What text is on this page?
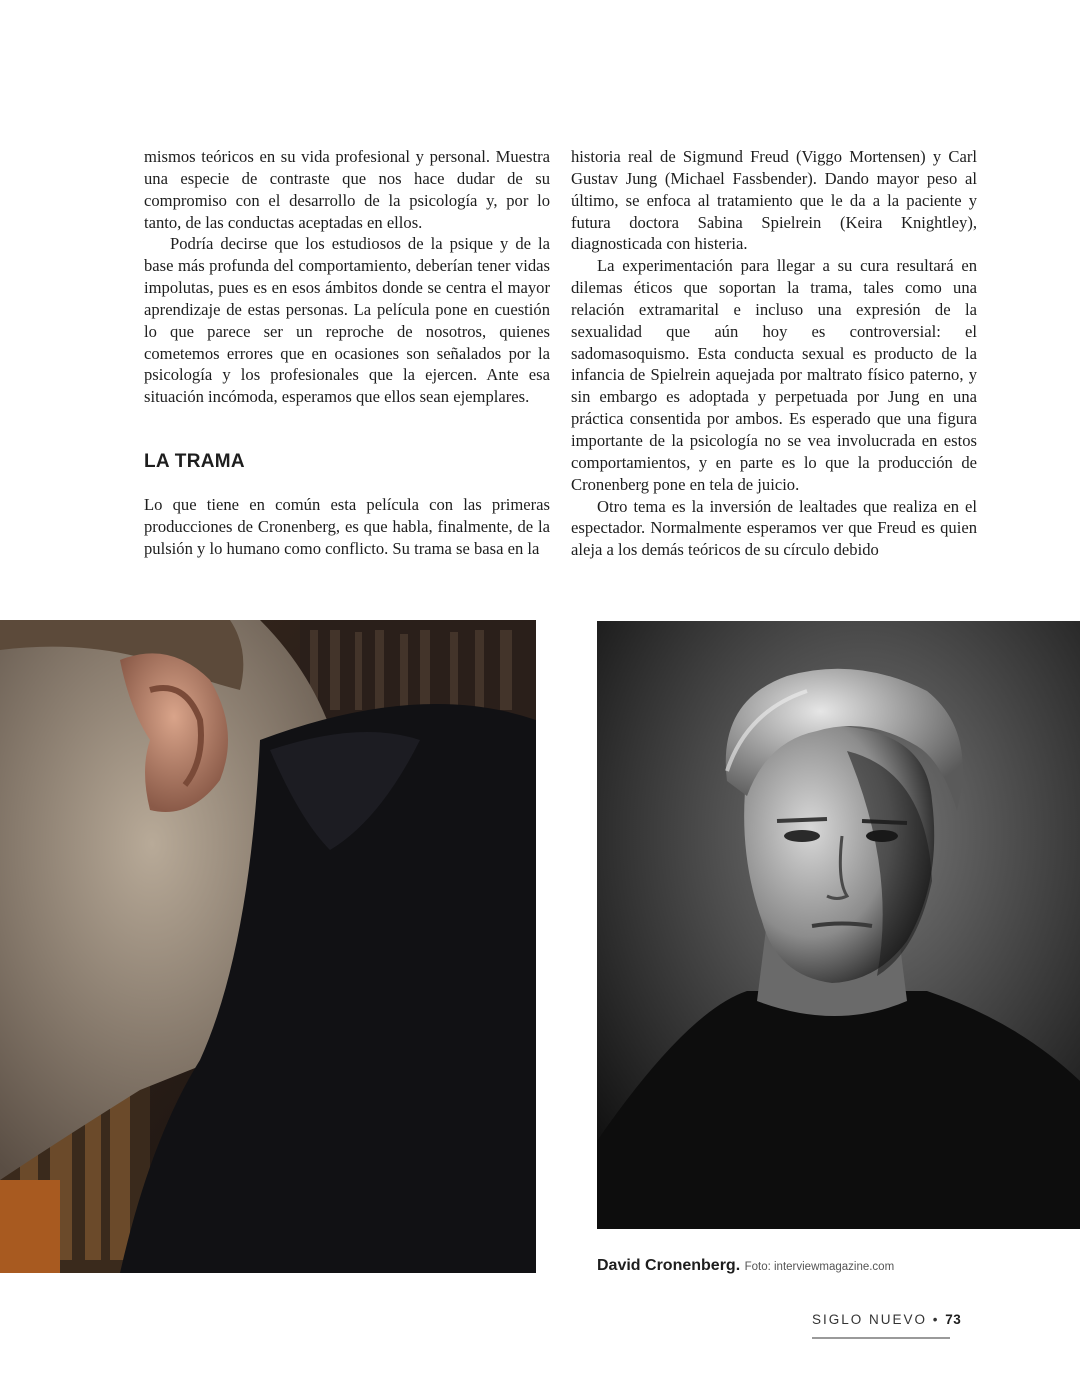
mismos teóricos en su vida profesional y personal. Muestra una especie de contraste que nos hace dudar de su compromiso con el desarrollo de la psicología y, por lo tanto, de las conductas aceptadas en ellos.

Podría decirse que los estudiosos de la psique y de la base más profunda del comportamiento, deberían tener vidas impolutas, pues es en esos ámbitos donde se centra el mayor aprendizaje de estas personas. La película pone en cuestión lo que parece ser un reproche de nosotros, quienes cometemos errores que en ocasiones son señalados por la psicología y los profesionales que la ejercen. Ante esa situación incómoda, esperamos que ellos sean ejemplares.

LA TRAMA

Lo que tiene en común esta película con las primeras producciones de Cronenberg, es que habla, finalmente, de la pulsión y lo humano como conflicto. Su trama se basa en la

historia real de Sigmund Freud (Viggo Mortensen) y Carl Gustav Jung (Michael Fassbender). Dando mayor peso al último, se enfoca al tratamiento que le da a la paciente y futura doctora Sabina Spielrein (Keira Knightley), diagnosticada con histeria.

La experimentación para llegar a su cura resultará en dilemas éticos que soportan la trama, tales como una relación extramarital e incluso una expresión de la sexualidad que aún hoy es controversial: el sadomasoquismo. Esta conducta sexual es producto de la infancia de Spielrein aquejada por maltrato físico paterno, y sin embargo es adoptada y perpetuada por Jung en una práctica consentida por ambos. Es esperado que una figura importante de la psicología no se vea involucrada en estos comportamientos, y en parte es lo que la producción de Cronenberg pone en tela de juicio.

Otro tema es la inversión de lealtades que realiza en el espectador. Normalmente esperamos ver que Freud es quien aleja a los demás teóricos de su círculo debido

David Cronenberg. Foto: interviewmagazine.com
SIGLO NUEVO • 73
